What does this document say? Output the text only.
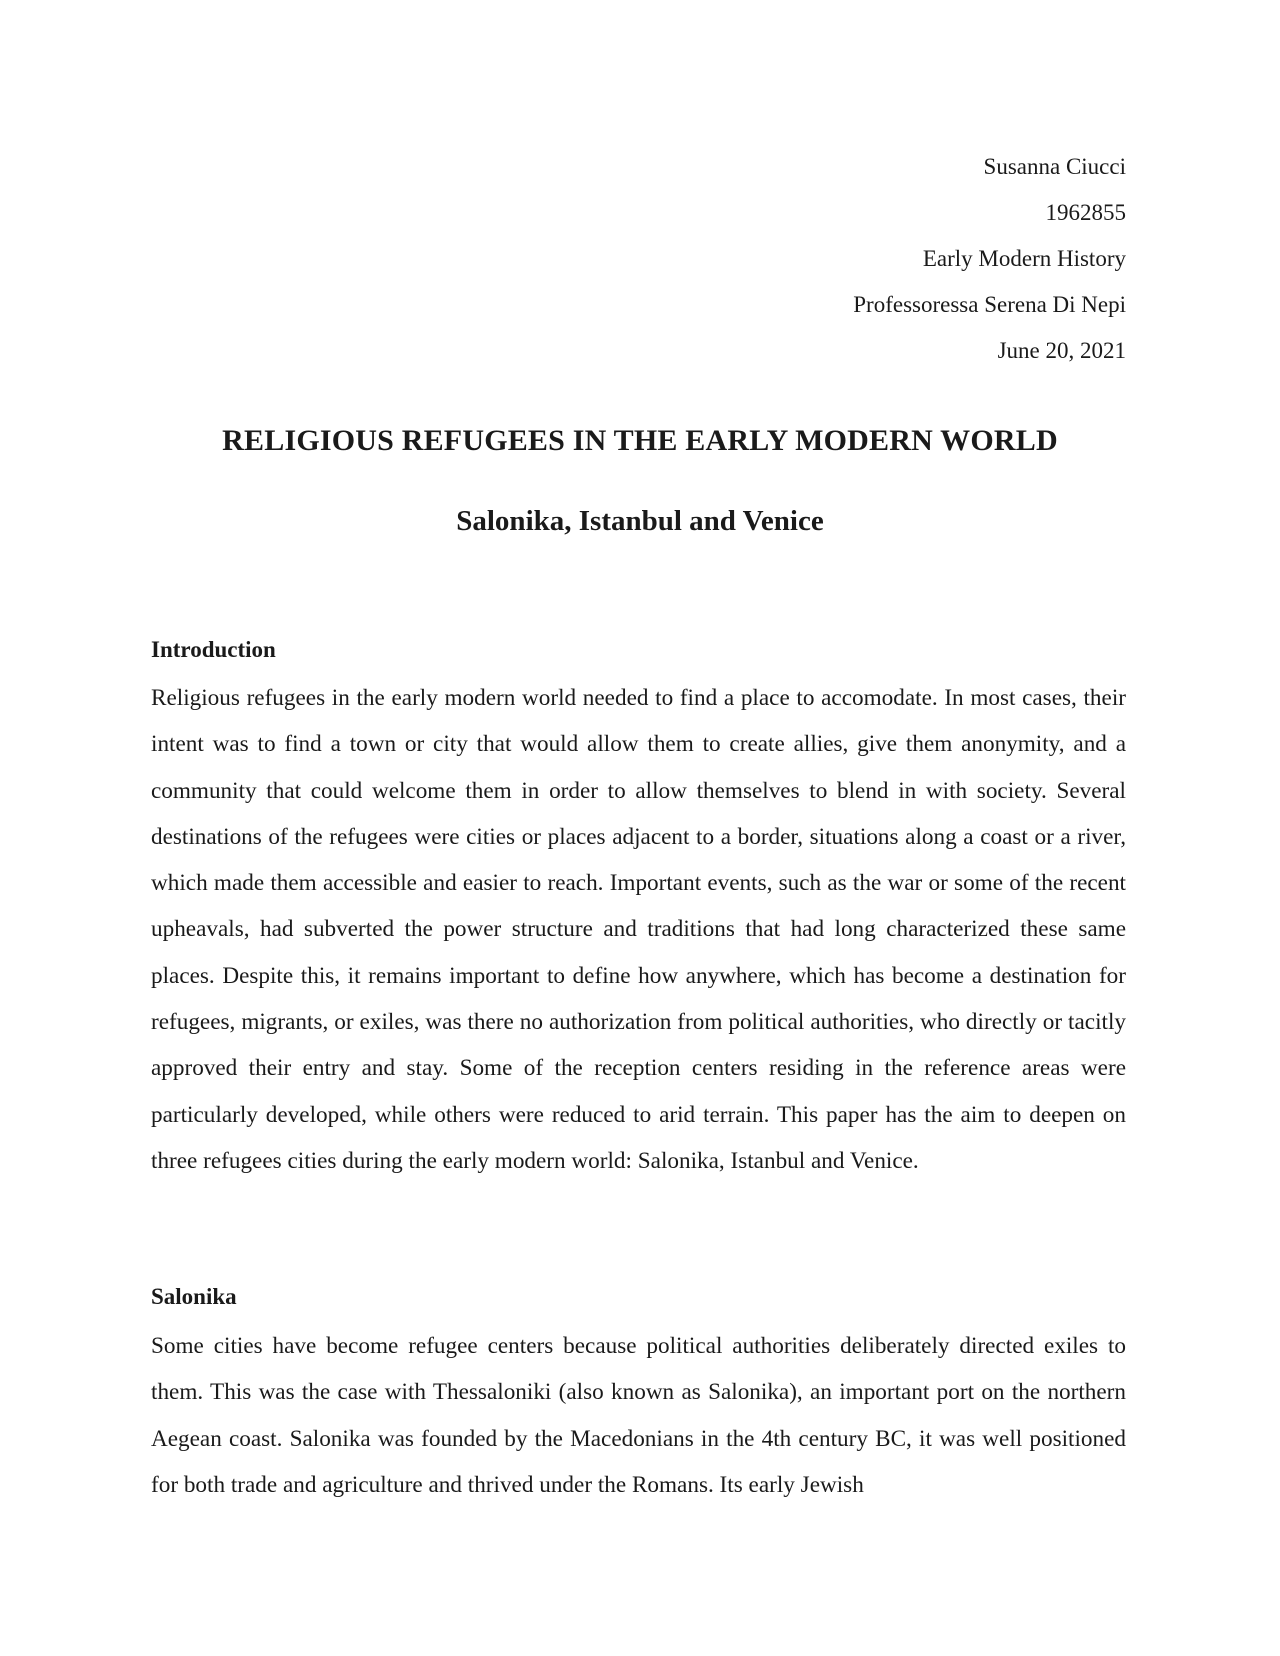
Susanna Ciucci
1962855
Early Modern History
Professoressa Serena Di Nepi
June 20, 2021
RELIGIOUS REFUGEES IN THE EARLY MODERN WORLD
Salonika, Istanbul and Venice
Introduction

Religious refugees in the early modern world needed to find a place to accomodate. In most cases, their intent was to find a town or city that would allow them to create allies, give them anonymity, and a community that could welcome them in order to allow themselves to blend in with society. Several destinations of the refugees were cities or places adjacent to a border, situations along a coast or a river, which made them accessible and easier to reach. Important events, such as the war or some of the recent upheavals, had subverted the power structure and traditions that had long characterized these same places. Despite this, it remains important to define how anywhere, which has become a destination for refugees, migrants, or exiles, was there no authorization from political authorities, who directly or tacitly approved their entry and stay. Some of the reception centers residing in the reference areas were particularly developed, while others were reduced to arid terrain. This paper has the aim to deepen on three refugees cities during the early modern world: Salonika, Istanbul and Venice.

Salonika

Some cities have become refugee centers because political authorities deliberately directed exiles to them. This was the case with Thessaloniki (also known as Salonika), an important port on the northern Aegean coast. Salonika was founded by the Macedonians in the 4th century BC, it was well positioned for both trade and agriculture and thrived under the Romans. Its early Jewish
